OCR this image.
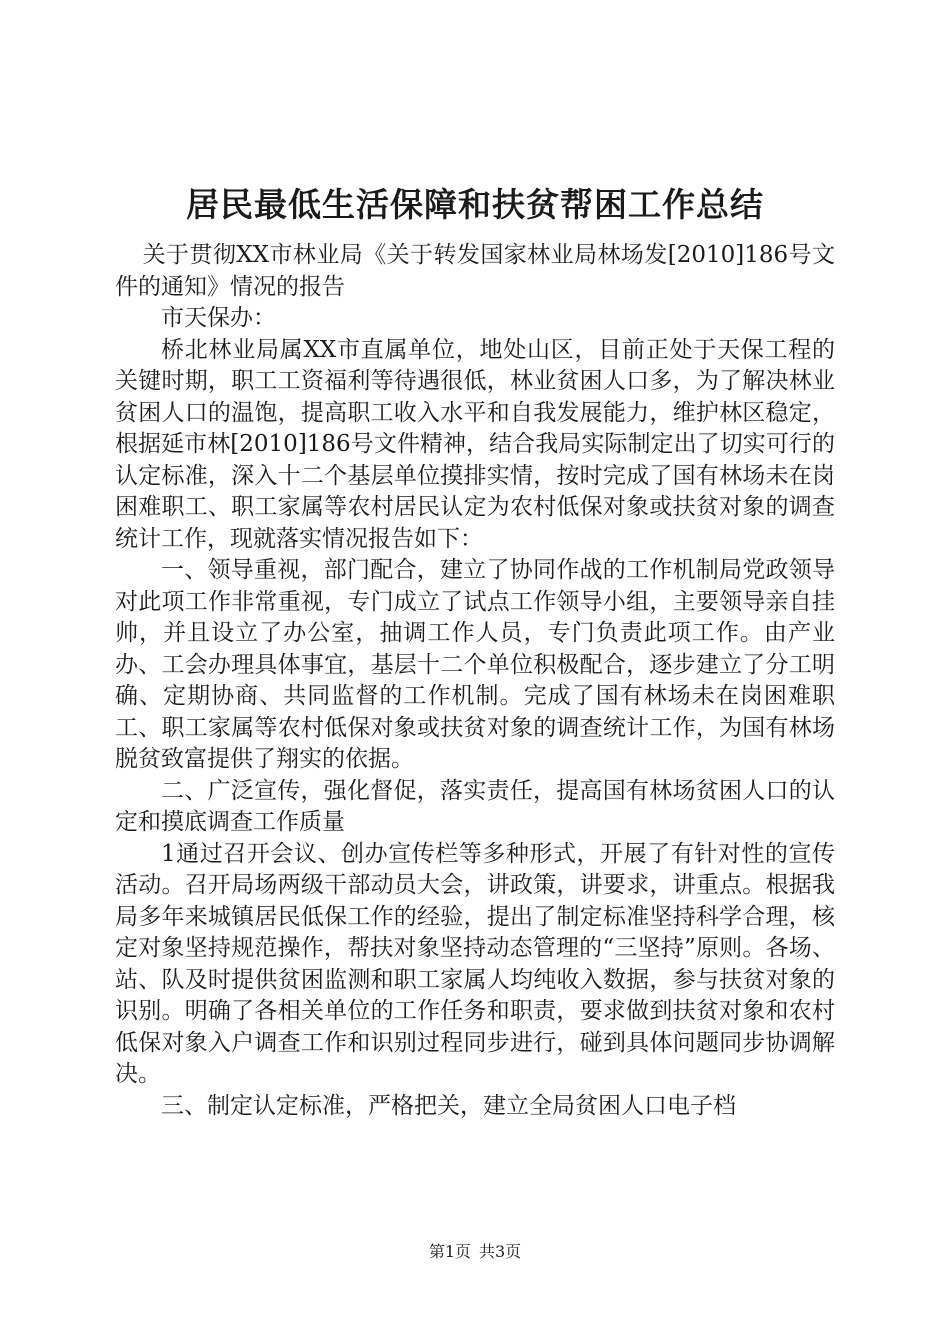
居民最低生活保障和扶贫帮困工作总结

关于贯彻XX市林业局《关于转发国家林业局林场发[2010]186号文件的通知》情况的报告

市天保办：

桥北林业局属XX市直属单位，地处山区，目前正处于天保工程的关键时期，职工工资福利等待遇很低，林业贫困人口多，为了解决林业贫困人口的温饱，提高职工收入水平和自我发展能力，维护林区稳定，根据延市林[2010]186号文件精神，结合我局实际制定出了切实可行的认定标准，深入十二个基层单位摸排实情，按时完成了国有林场未在岗困难职工、职工家属等农村居民认定为农村低保对象或扶贫对象的调查统计工作，现就落实情况报告如下：

一、领导重视，部门配合，建立了协同作战的工作机制局党政领导对此项工作非常重视，专门成立了试点工作领导小组，主要领导亲自挂帅，并且设立了办公室，抽调工作人员，专门负责此项工作。由产业办、工会办理具体事宜，基层十二个单位积极配合，逐步建立了分工明确、定期协商、共同监督的工作机制。完成了国有林场未在岗困难职工、职工家属等农村低保对象或扶贫对象的调查统计工作，为国有林场脱贫致富提供了翔实的依据。

二、广泛宣传，强化督促，落实责任，提高国有林场贫困人口的认定和摸底调查工作质量

1通过召开会议、创办宣传栏等多种形式，开展了有针对性的宣传活动。召开局场两级干部动员大会，讲政策，讲要求，讲重点。根据我局多年来城镇居民低保工作的经验，提出了制定标准坚持科学合理，核定对象坚持规范操作，帮扶对象坚持动态管理的“三坚持”原则。各场、站、队及时提供贫困监测和职工家属人均纯收入数据，参与扶贫对象的识别。明确了各相关单位的工作任务和职责，要求做到扶贫对象和农村低保对象入户调查工作和识别过程同步进行，碰到具体问题同步协调解决。

三、制定认定标准，严格把关，建立全局贫困人口电子档

第1页 共3页
